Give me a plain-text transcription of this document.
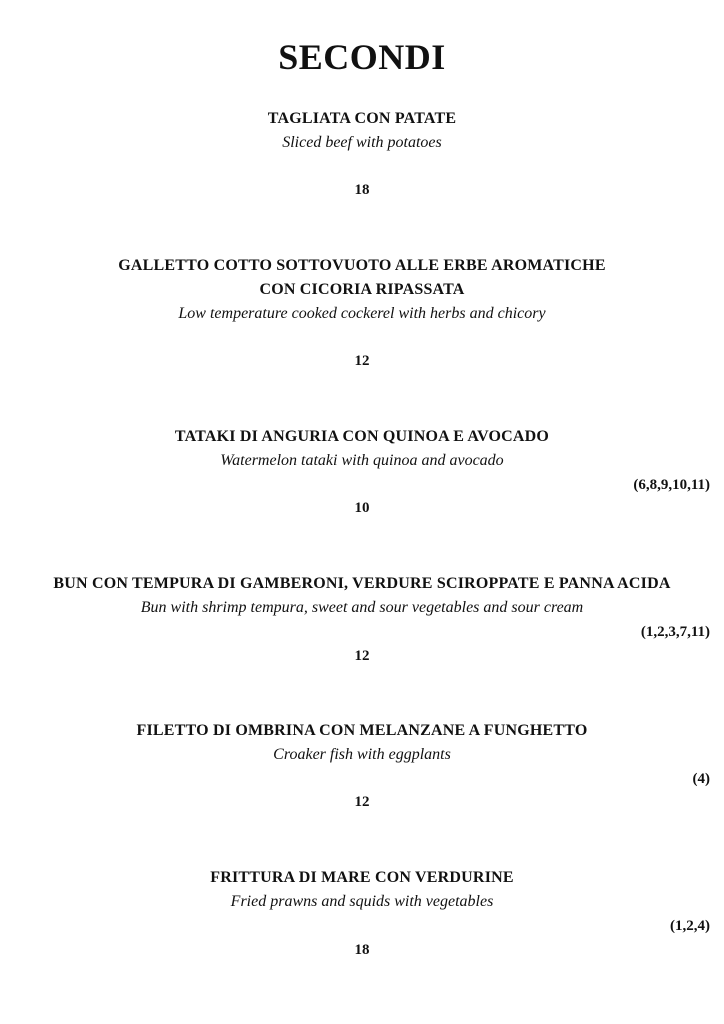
SECONDI
TAGLIATA CON PATATE
Sliced beef with potatoes
18
GALLETTO COTTO SOTTOVUOTO ALLE ERBE AROMATICHE
CON CICORIA RIPASSATA
Low temperature cooked cockerel with herbs and chicory
12
TATAKI DI ANGURIA CON QUINOA E AVOCADO
Watermelon tataki with quinoa and avocado
(6,8,9,10,11)
10
BUN CON TEMPURA DI GAMBERONI, VERDURE SCIROPPATE E PANNA ACIDA
Bun with shrimp tempura, sweet and sour vegetables and sour cream
(1,2,3,7,11)
12
FILETTO DI OMBRINA CON MELANZANE A FUNGHETTO
Croaker fish with eggplants
(4)
12
FRITTURA DI MARE CON VERDURINE
Fried prawns and squids with vegetables
(1,2,4)
18
